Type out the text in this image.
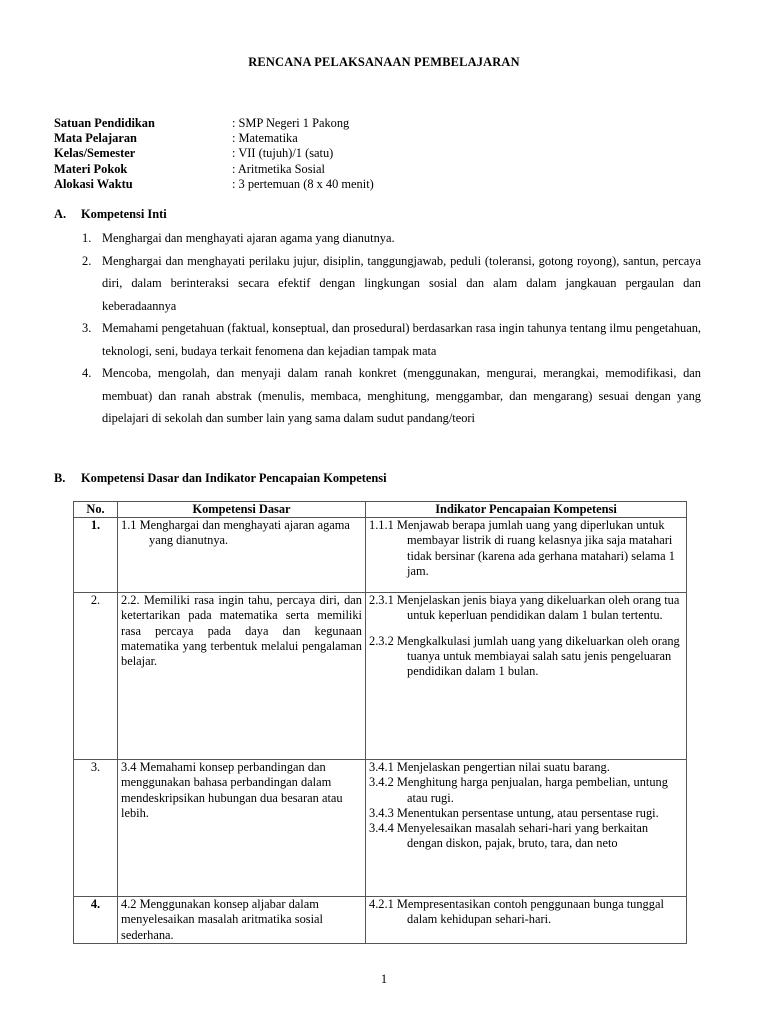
RENCANA PELAKSANAAN PEMBELAJARAN
Satuan Pendidikan	: SMP Negeri 1 Pakong
Mata Pelajaran	: Matematika
Kelas/Semester	: VII (tujuh)/1 (satu)
Materi Pokok	: Aritmetika Sosial
Alokasi Waktu	: 3 pertemuan (8 x 40 menit)
A. Kompetensi Inti
1. Menghargai dan menghayati ajaran agama yang dianutnya.
2. Menghargai dan menghayati perilaku jujur, disiplin, tanggungjawab, peduli (toleransi, gotong royong), santun, percaya diri, dalam berinteraksi secara efektif dengan lingkungan sosial dan alam dalam jangkauan pergaulan dan keberadaannya
3. Memahami pengetahuan (faktual, konseptual, dan prosedural) berdasarkan rasa ingin tahunya tentang ilmu pengetahuan, teknologi, seni, budaya terkait fenomena dan kejadian tampak mata
4. Mencoba, mengolah, dan menyaji dalam ranah konkret (menggunakan, mengurai, merangkai, memodifikasi, dan membuat) dan ranah abstrak (menulis, membaca, menghitung, menggambar, dan mengarang) sesuai dengan yang dipelajari di sekolah dan sumber lain yang sama dalam sudut pandang/teori
B. Kompetensi Dasar dan Indikator Pencapaian Kompetensi
No.	Kompetensi Dasar	Indikator Pencapaian Kompetensi
1.	1.1 Menghargai dan menghayati ajaran agama yang dianutnya.	1.1.1 Menjawab berapa jumlah uang yang diperlukan untuk membayar listrik di ruang kelasnya jika saja matahari tidak bersinar (karena ada gerhana matahari) selama 1 jam.

2.	2.2. Memiliki rasa ingin tahu, percaya diri, dan ketertarikan pada matematika serta memiliki rasa percaya pada daya dan kegunaan matematika yang terbentuk melalui pengalaman belajar.	2.3.1 Menjelaskan jenis biaya yang dikeluarkan oleh orang tua untuk keperluan pendidikan dalam 1 bulan tertentu.
2.3.2 Mengkalkulasi jumlah uang yang dikeluarkan oleh orang tuanya untuk membiayai salah satu jenis pengeluaran pendidikan dalam 1 bulan.

3.	3.4 Memahami konsep perbandingan dan menggunakan bahasa perbandingan dalam mendeskripsikan hubungan dua besaran atau lebih.	3.4.1 Menjelaskan pengertian nilai suatu barang.
3.4.2 Menghitung harga penjualan, harga pembelian, untung atau rugi.
3.4.3 Menentukan persentase untung, atau persentase rugi.
3.4.4 Menyelesaikan masalah sehari-hari yang berkaitan dengan diskon, pajak, bruto, tara, dan neto

4.	4.2 Menggunakan konsep aljabar dalam menyelesaikan masalah aritmatika sosial sederhana.	4.2.1 Mempresentasikan contoh penggunaan bunga tunggal dalam kehidupan sehari-hari.
1
